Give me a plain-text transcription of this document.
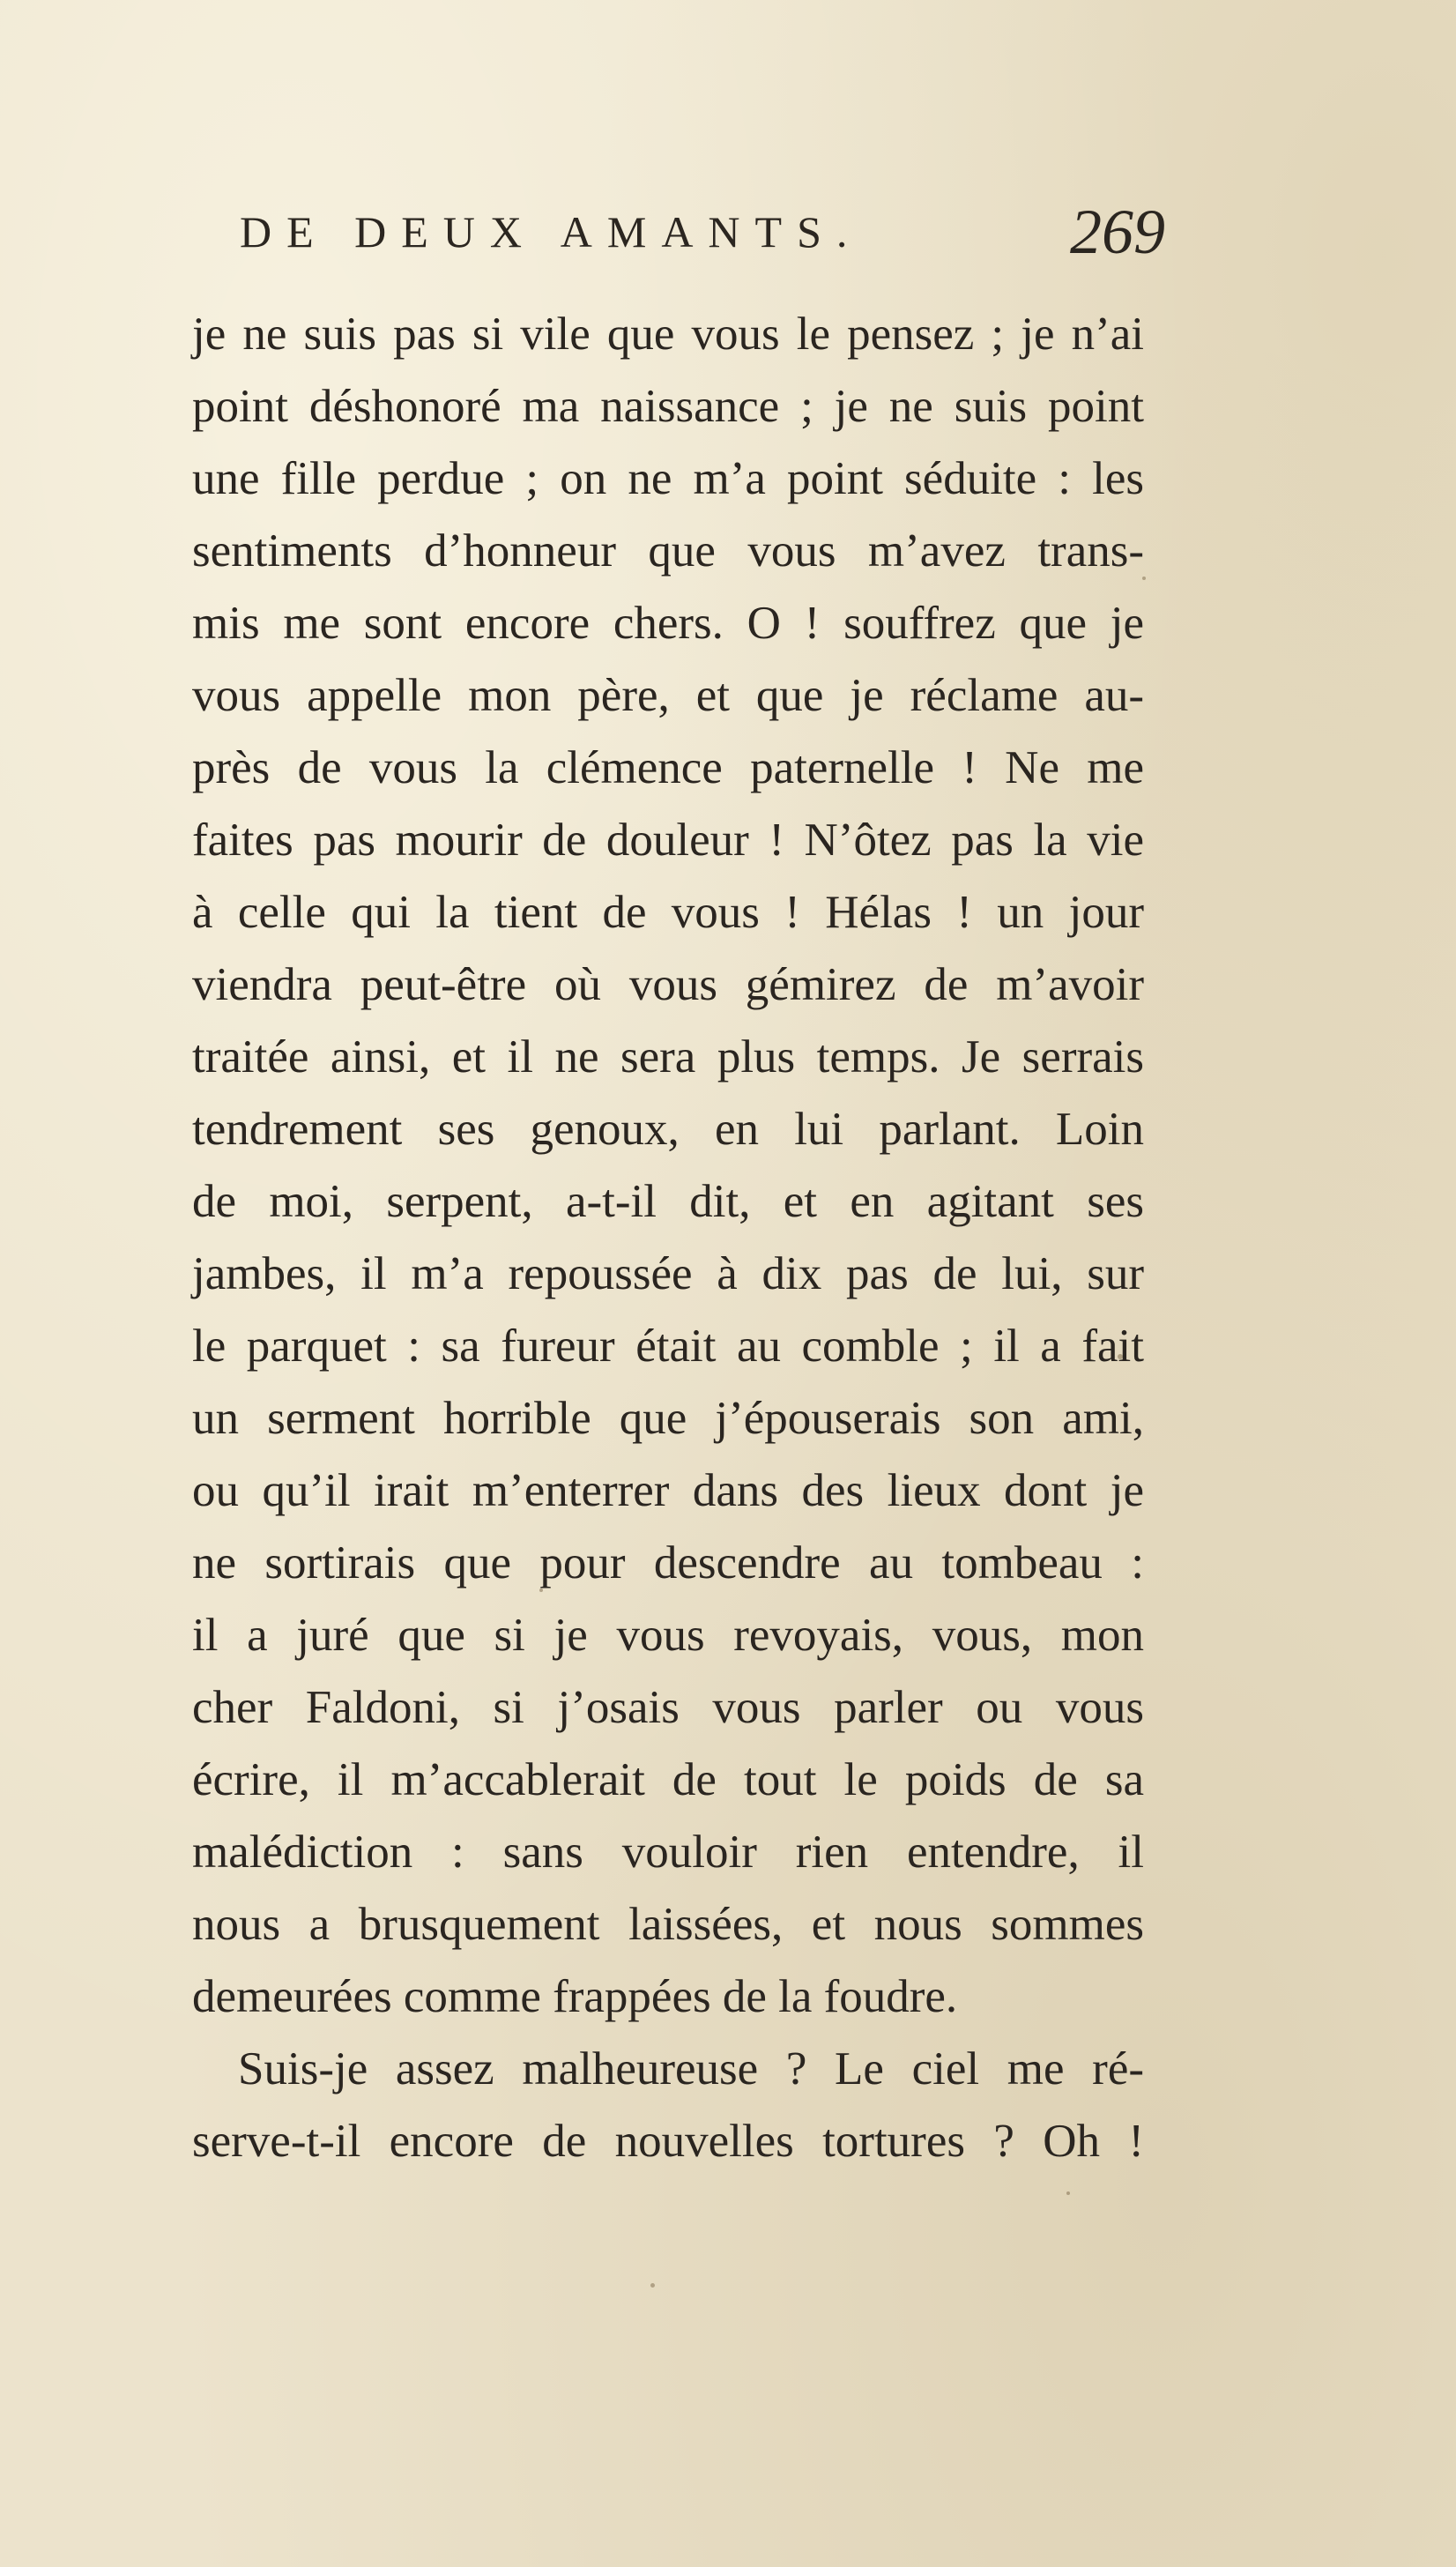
DE DEUX AMANTS.	269
je ne suis pas si vile que vous le pensez ; je n’ai
point déshonoré ma naissance ; je ne suis point
une fille perdue ; on ne m’a point séduite : les
sentiments d’honneur que vous m’avez trans-
mis me sont encore chers. O ! souffrez que je
vous appelle mon père, et que je réclame au-
près de vous la clémence paternelle ! Ne me
faites pas mourir de douleur ! N’ôtez pas la vie
à celle qui la tient de vous ! Hélas ! un jour
viendra peut-être où vous gémirez de m’avoir
traitée ainsi, et il ne sera plus temps. Je serrais
tendrement ses genoux, en lui parlant. Loin
de moi, serpent, a-t-il dit, et en agitant ses
jambes, il m’a repoussée à dix pas de lui, sur
le parquet : sa fureur était au comble ; il a fait
un serment horrible que j’épouserais son ami,
ou qu’il irait m’enterrer dans des lieux dont je
ne sortirais que pour descendre au tombeau :
il a juré que si je vous revoyais, vous, mon
cher Faldoni, si j’osais vous parler ou vous
écrire, il m’accablerait de tout le poids de sa
malédiction : sans vouloir rien entendre, il
nous a brusquement laissées, et nous sommes
demeurées comme frappées de la foudre.
Suis-je assez malheureuse ? Le ciel me ré-
serve-t-il encore de nouvelles tortures ? Oh !
